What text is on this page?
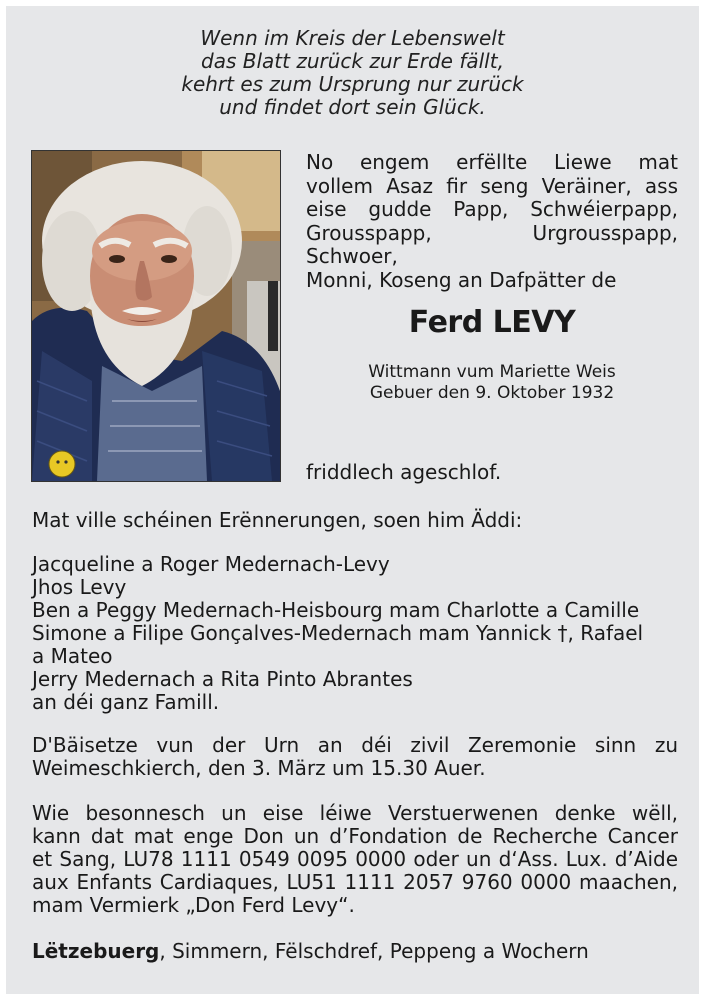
Wenn im Kreis der Lebenswelt
das Blatt zurück zur Erde fällt,
kehrt es zum Ursprung nur zurück
und findet dort sein Glück.
No engem erfëllte Liewe mat
vollem Asaz fir seng Veräiner, ass
eise gudde Papp, Schwéierpapp,
Grousspapp, Urgrousspapp, Schwoer,
Monni, Koseng an Dafpätter de
Ferd LEVY
Wittmann vum Mariette Weis
Gebuer den 9. Oktober 1932
friddlech ageschlof.
Mat ville schéinen Erënnerungen, soen him Äddi:
Jacqueline a Roger Medernach-Levy
Jhos Levy
Ben a Peggy Medernach-Heisbourg mam Charlotte a Camille
Simone a Filipe Gonçalves-Medernach mam Yannick †, Rafael
a Mateo
Jerry Medernach a Rita Pinto Abrantes
an déi ganz Famill.
D'Bäisetze vun der Urn an déi zivil Zeremonie sinn zu
Weimeschkierch, den 3. März um 15.30 Auer.
Wie besonnesch un eise léiwe Verstuerwenen denke wëll,
kann dat mat enge Don un d’Fondation de Recherche Cancer
et Sang, LU78 1111 0549 0095 0000 oder un d‘Ass. Lux. d’Aide
aux Enfants Cardiaques, LU51 1111 2057 9760 0000 maachen,
mam Vermierk „Don Ferd Levy“.
Lëtzebuerg, Simmern, Fëlschdref, Peppeng a Wochern
